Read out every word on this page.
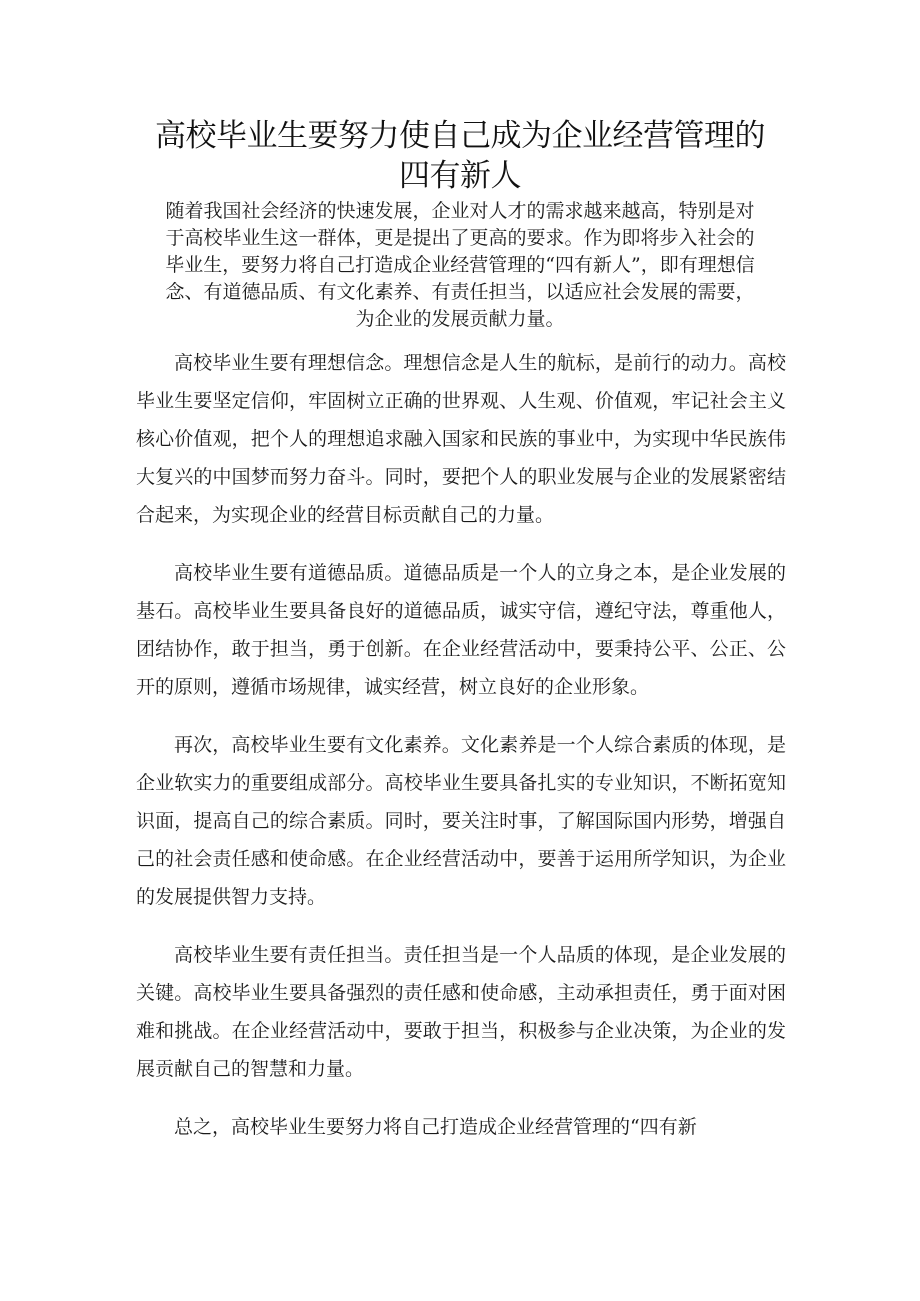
高校毕业生要努力使自己成为企业经营管理的四有新人

随着我国社会经济的快速发展，企业对人才的需求越来越高，特别是对于高校毕业生这一群体，更是提出了更高的要求。作为即将步入社会的毕业生，要努力将自己打造成企业经营管理的“四有新人”，即有理想信念、有道德品质、有文化素养、有责任担当，以适应社会发展的需要，为企业的发展贡献力量。

高校毕业生要有理想信念。理想信念是人生的航标，是前行的动力。高校毕业生要坚定信仰，牢固树立正确的世界观、人生观、价值观，牢记社会主义核心价值观，把个人的理想追求融入国家和民族的事业中，为实现中华民族伟大复兴的中国梦而努力奋斗。同时，要把个人的职业发展与企业的发展紧密结合起来，为实现企业的经营目标贡献自己的力量。

高校毕业生要有道德品质。道德品质是一个人的立身之本，是企业发展的基石。高校毕业生要具备良好的道德品质，诚实守信，遵纪守法，尊重他人，团结协作，敢于担当，勇于创新。在企业经营活动中，要秉持公平、公正、公开的原则，遵循市场规律，诚实经营，树立良好的企业形象。

再次，高校毕业生要有文化素养。文化素养是一个人综合素质的体现，是企业软实力的重要组成部分。高校毕业生要具备扎实的专业知识，不断拓宽知识面，提高自己的综合素质。同时，要关注时事，了解国际国内形势，增强自己的社会责任感和使命感。在企业经营活动中，要善于运用所学知识，为企业的发展提供智力支持。

高校毕业生要有责任担当。责任担当是一个人品质的体现，是企业发展的关键。高校毕业生要具备强烈的责任感和使命感，主动承担责任，勇于面对困难和挑战。在企业经营活动中，要敢于担当，积极参与企业决策，为企业的发展贡献自己的智慧和力量。

总之，高校毕业生要努力将自己打造成企业经营管理的“四有新
